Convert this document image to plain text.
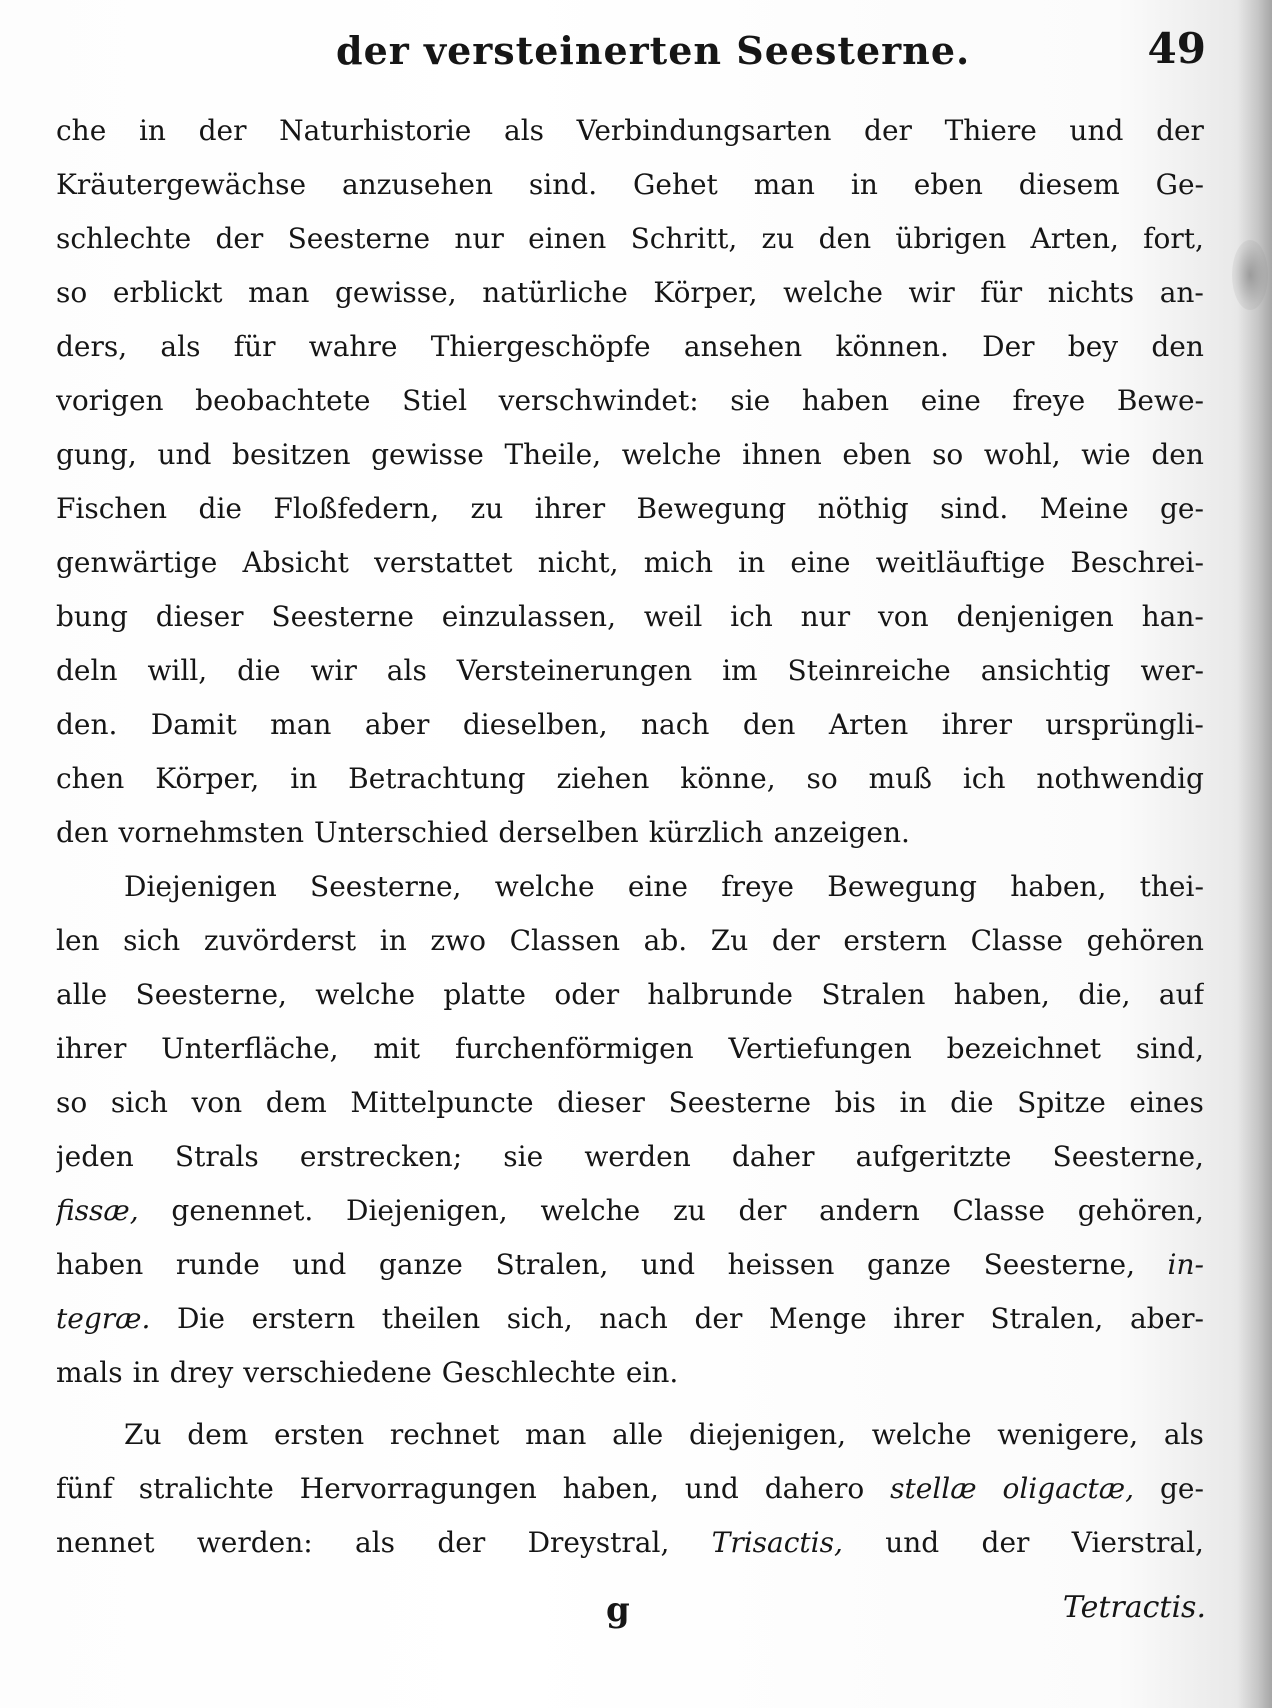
der versteinerten Seesterne.	49
che in der Naturhistorie als Verbindungsarten der Thiere und der
Kräutergewächse anzusehen sind. Gehet man in eben diesem Ge-
schlechte der Seesterne nur einen Schritt, zu den übrigen Arten, fort,
so erblickt man gewisse, natürliche Körper, welche wir für nichts an-
ders, als für wahre Thiergeschöpfe ansehen können. Der bey den
vorigen beobachtete Stiel verschwindet: sie haben eine freye Bewe-
gung, und besitzen gewisse Theile, welche ihnen eben so wohl, wie den
Fischen die Floßfedern, zu ihrer Bewegung nöthig sind. Meine ge-
genwärtige Absicht verstattet nicht, mich in eine weitläuftige Beschrei-
bung dieser Seesterne einzulassen, weil ich nur von denjenigen han-
deln will, die wir als Versteinerungen im Steinreiche ansichtig wer-
den. Damit man aber dieselben, nach den Arten ihrer ursprüngli-
chen Körper, in Betrachtung ziehen könne, so muß ich nothwendig
den vornehmsten Unterschied derselben kürzlich anzeigen.
Diejenigen Seesterne, welche eine freye Bewegung haben, thei-
len sich zuvörderst in zwo Classen ab. Zu der erstern Classe gehören
alle Seesterne, welche platte oder halbrunde Stralen haben, die, auf
ihrer Unterfläche, mit furchenförmigen Vertiefungen bezeichnet sind,
so sich von dem Mittelpuncte dieser Seesterne bis in die Spitze eines
jeden Strals erstrecken; sie werden daher aufgeritzte Seesterne,
fissæ, genennet. Diejenigen, welche zu der andern Classe gehören,
haben runde und ganze Stralen, und heissen ganze Seesterne, in-
tegræ. Die erstern theilen sich, nach der Menge ihrer Stralen, aber-
mals in drey verschiedene Geschlechte ein.
Zu dem ersten rechnet man alle diejenigen, welche wenigere, als
fünf stralichte Hervorragungen haben, und dahero stellæ oligactæ, ge-
nennet werden: als der Dreystral, Trisactis, und der Vierstral,
g	Tetractis.
